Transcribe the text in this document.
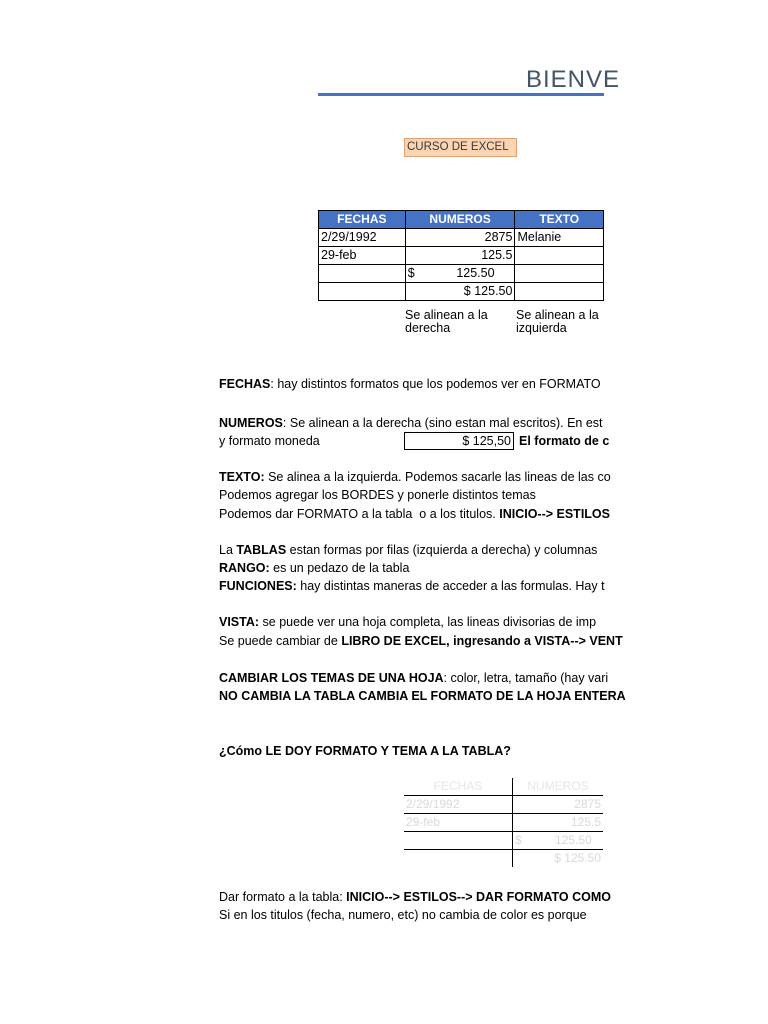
BIENVE
CURSO DE EXCEL
FECHAS	NUMEROS	TEXTO
2/29/1992	2875	Melanie
29-feb	125.5	
	$            125.50	
	$ 125.50	
Se alinean a la derecha
Se alinean a la izquierda
FECHAS: hay distintos formatos que los podemos ver en FORMATO
NUMEROS: Se alinean a la derecha (sino estan mal escritos). En est
y formato moneda	$ 125,50 El formato de c
TEXTO: Se alinea a la izquierda. Podemos sacarle las lineas de las co
Podemos agregar los BORDES y ponerle distintos temas
Podemos dar FORMATO a la tabla  o a los titulos. INICIO--> ESTILOS
La TABLAS estan formas por filas (izquierda a derecha) y columnas
RANGO: es un pedazo de la tabla
FUNCIONES: hay distintas maneras de acceder a las formulas. Hay t
VISTA: se puede ver una hoja completa, las lineas divisorias de imp
Se puede cambiar de LIBRO DE EXCEL, ingresando a VISTA--> VENT
CAMBIAR LOS TEMAS DE UNA HOJA: color, letra, tamaño (hay vari
NO CAMBIA LA TABLA CAMBIA EL FORMATO DE LA HOJA ENTERA
¿Cómo LE DOY FORMATO Y TEMA A LA TABLA?
FECHAS	NUMEROS
2/29/1992	2875
29-feb	125.5
	$          125.50
	$ 125.50
Dar formato a la tabla: INICIO--> ESTILOS--> DAR FORMATO COMO
Si en los titulos (fecha, numero, etc) no cambia de color es porque
